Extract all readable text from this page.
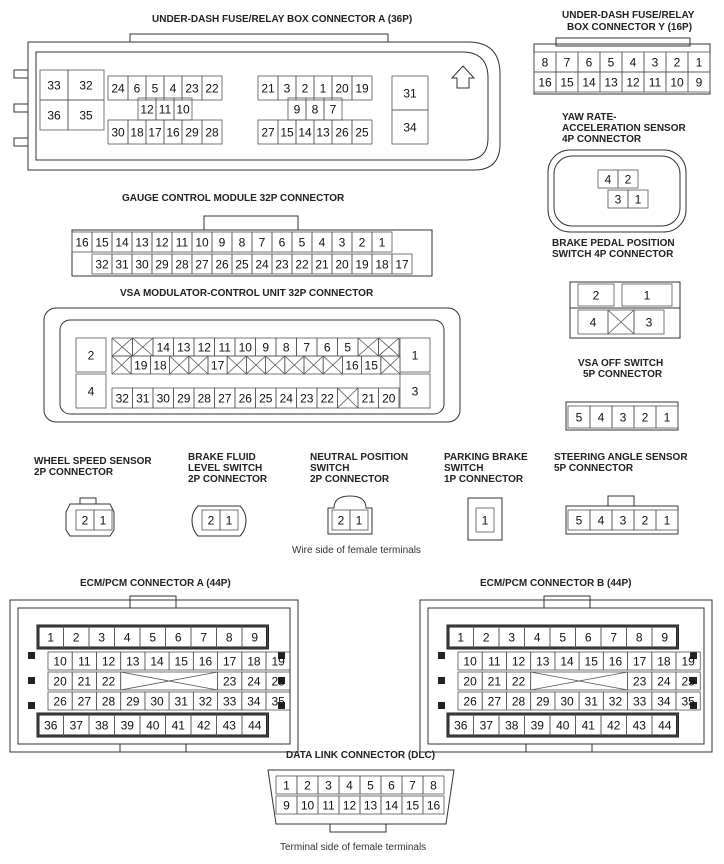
UNDER-DASH FUSE/RELAY BOX CONNECTOR A (36P)	UNDER-DASH FUSE/RELAY
BOX CONNECTOR Y (16P)
YAW RATE-
ACCELERATION SENSOR
4P CONNECTOR
GAUGE CONTROL MODULE 32P CONNECTOR
BRAKE PEDAL POSITION
SWITCH 4P CONNECTOR
VSA MODULATOR-CONTROL UNIT 32P CONNECTOR
VSA OFF SWITCH
5P CONNECTOR
WHEEL SPEED SENSOR
2P CONNECTOR
BRAKE FLUID
LEVEL SWITCH
2P CONNECTOR
NEUTRAL POSITION
SWITCH
2P CONNECTOR
PARKING BRAKE
SWITCH
1P CONNECTOR
STEERING ANGLE SENSOR
5P CONNECTOR
Wire side of female terminals
ECM/PCM CONNECTOR A (44P)	ECM/PCM CONNECTOR B (44P)
DATA LINK CONNECTOR (DLC)
Terminal side of female terminals
33 32
36 35
24 6 5 4 23 22
12 11 10
30 18 17 16 29 28
21 3 2 1 20 19
9 8 7
27 15 14 13 26 25
31
34
8 7 6 5 4 3 2 1
16 15 14 13 12 11 10 9
4 2
3 1
16 15 14 13 12 11 10 9 8 7 6 5 4 3 2 1
32 31 30 29 28 27 26 25 24 23 22 21 20 19 18 17
2	1
4	3
2
4
1
3
14 13 12 11 10 9 8 7 6 5
19 18	17	16 15
32 31 30 29 28 27 26 25 24 23 22 21 20
5 4 3 2 1
2 1	2 1	2 1	1	5 4 3 2 1
1 2 3 4 5 6 7 8 9
10 11 12 13 14 15 16 17 18 19
20 21 22	23 24 25
26 27 28 29 30 31 32 33 34 35
36 37 38 39 40 41 42 43 44
1 2 3 4 5 6 7 8 9
10 11 12 13 14 15 16 17 18 19
20 21 22	23 24 25
26 27 28 29 30 31 32 33 34 35
36 37 38 39 40 41 42 43 44
1 2 3 4 5 6 7 8
9 10 11 12 13 14 15 16
